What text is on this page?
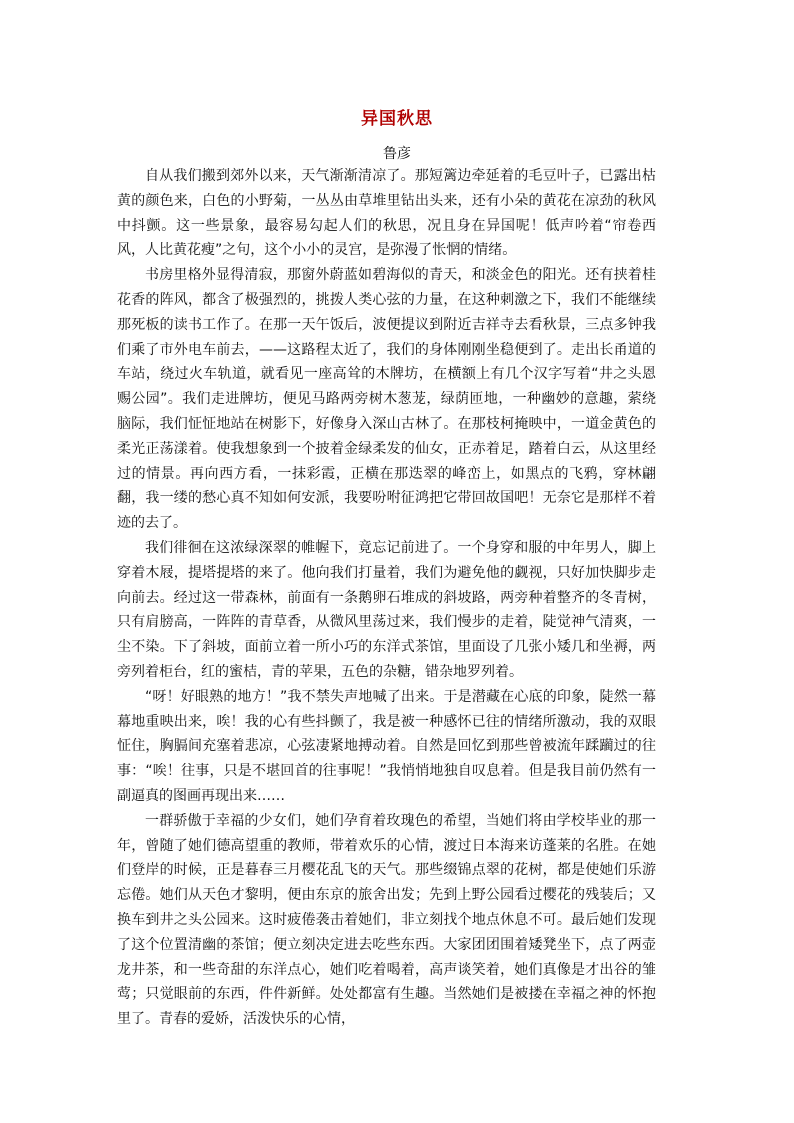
异国秋思
鲁彦

自从我们搬到郊外以来，天气渐渐清凉了。那短篱边牵延着的毛豆叶子，已露出枯黄的颜色来，白色的小野菊，一丛丛由草堆里钻出头来，还有小朵的黄花在凉劲的秋风中抖颤。这一些景象，最容易勾起人们的秋思，况且身在异国呢！低声吟着“帘卷西风，人比黄花瘦”之句，这个小小的灵宫，是弥漫了怅惘的情绪。

书房里格外显得清寂，那窗外蔚蓝如碧海似的青天，和淡金色的阳光。还有挟着桂花香的阵风，都含了极强烈的，挑拨人类心弦的力量，在这种刺激之下，我们不能继续那死板的读书工作了。在那一天午饭后，波便提议到附近吉祥寺去看秋景，三点多钟我们乘了市外电车前去，——这路程太近了，我们的身体刚刚坐稳便到了。走出长甬道的车站，绕过火车轨道，就看见一座高耸的木牌坊，在横额上有几个汉字写着“井之头恩赐公园”。我们走进牌坊，便见马路两旁树木葱茏，绿荫匝地，一种幽妙的意趣，萦绕脑际，我们怔怔地站在树影下，好像身入深山古林了。在那枝柯掩映中，一道金黄色的柔光正荡漾着。使我想象到一个披着金绿柔发的仙女，正赤着足，踏着白云，从这里经过的情景。再向西方看，一抹彩霞，正横在那迭翠的峰峦上，如黑点的飞鸦，穿林翩翻，我一缕的愁心真不知如何安派，我要吩咐征鸿把它带回故国吧！无奈它是那样不着迹的去了。

我们徘徊在这浓绿深翠的帷幄下，竟忘记前进了。一个身穿和服的中年男人，脚上穿着木屐，提塔提塔的来了。他向我们打量着，我们为避免他的觑视，只好加快脚步走向前去。经过这一带森林，前面有一条鹅卵石堆成的斜坡路，两旁种着整齐的冬青树，只有肩膀高，一阵阵的青草香，从微风里荡过来，我们慢步的走着，陡觉神气清爽，一尘不染。下了斜坡，面前立着一所小巧的东洋式茶馆，里面设了几张小矮几和坐褥，两旁列着柜台，红的蜜桔，青的苹果，五色的杂糖，错杂地罗列着。

“呀！好眼熟的地方！”我不禁失声地喊了出来。于是潜藏在心底的印象，陡然一幕幕地重映出来，唉！我的心有些抖颤了，我是被一种感怀已往的情绪所激动，我的双眼怔住，胸膈间充塞着悲凉，心弦凄紧地搏动着。自然是回忆到那些曾被流年蹂躏过的往事：“唉！往事，只是不堪回首的往事呢！”我悄悄地独自叹息着。但是我目前仍然有一副逼真的图画再现出来……

一群骄傲于幸福的少女们，她们孕育着玫瑰色的希望，当她们将由学校毕业的那一年，曾随了她们德高望重的教师，带着欢乐的心情，渡过日本海来访蓬莱的名胜。在她们登岸的时候，正是暮春三月樱花乱飞的天气。那些缀锦点翠的花树，都是使她们乐游忘倦。她们从天色才黎明，便由东京的旅舍出发；先到上野公园看过樱花的残装后；又换车到井之头公园来。这时疲倦袭击着她们，非立刻找个地点休息不可。最后她们发现了这个位置清幽的茶馆；便立刻决定进去吃些东西。大家团团围着矮凳坐下，点了两壶龙井茶，和一些奇甜的东洋点心，她们吃着喝着，高声谈笑着，她们真像是才出谷的雏莺；只觉眼前的东西，件件新鲜。处处都富有生趣。当然她们是被搂在幸福之神的怀抱里了。青春的爱娇，活泼快乐的心情，
